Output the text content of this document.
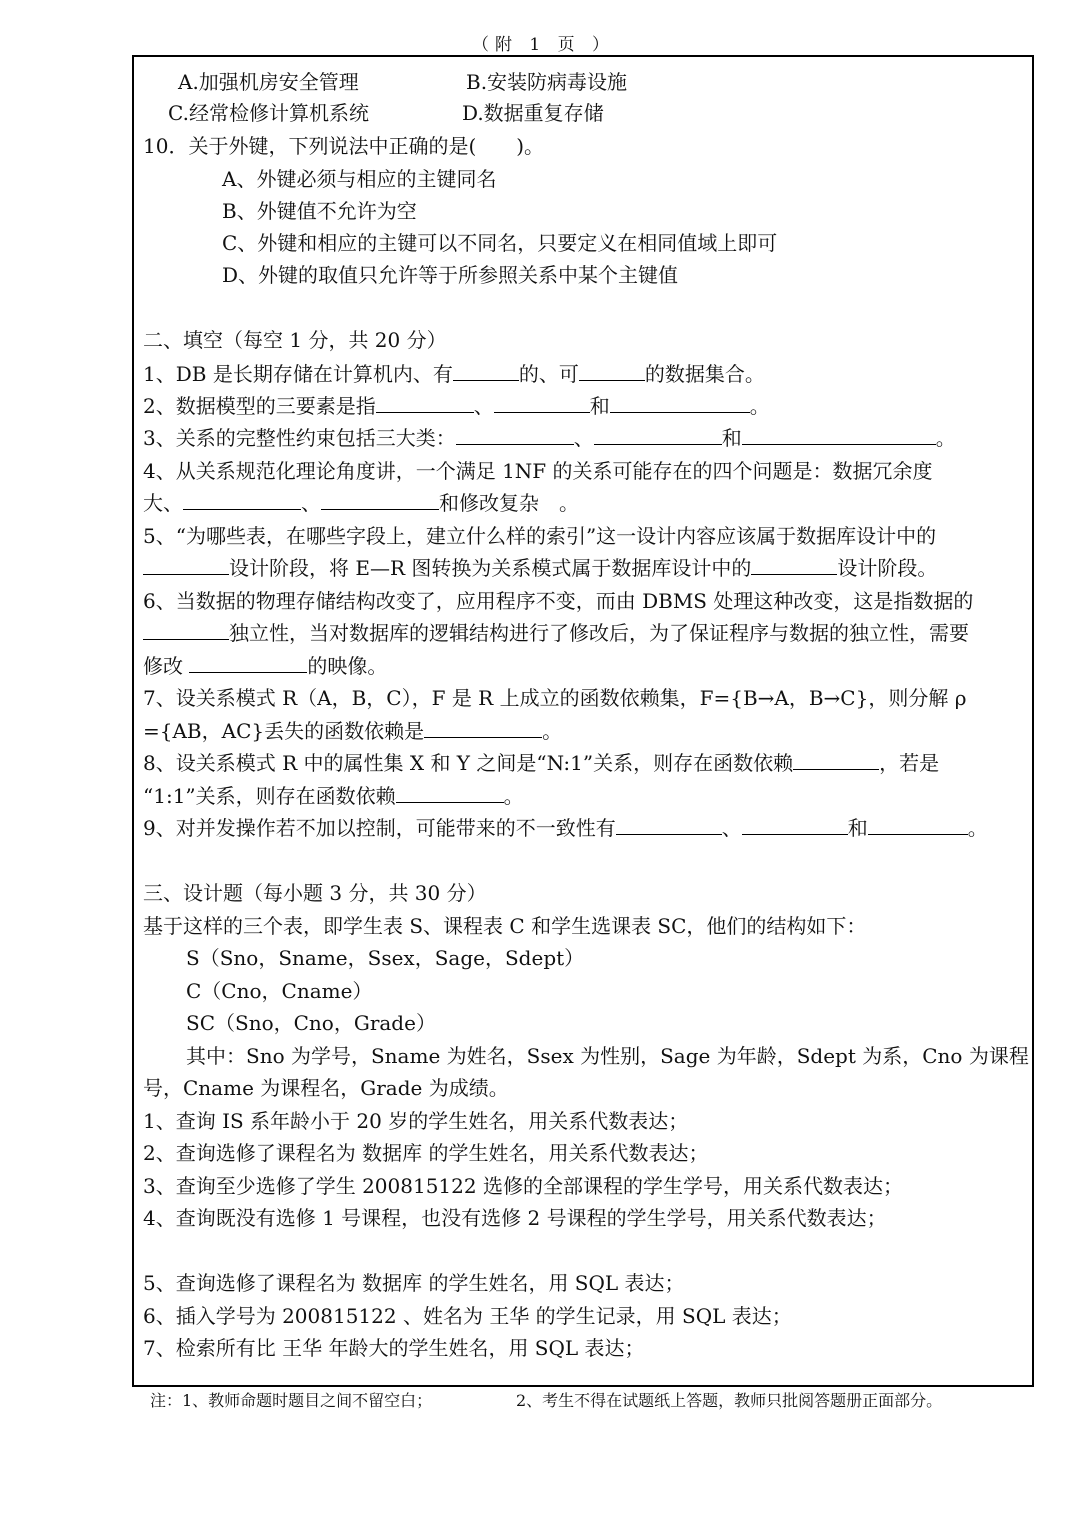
（附 1 页 ）
A.加强机房安全管理	B.安装防病毒设施
C.经常检修计算机系统	D.数据重复存储
10．关于外键，下列说法中正确的是(　　)。
A、外键必须与相应的主键同名
B、外键值不允许为空
C、外键和相应的主键可以不同名，只要定义在相同值域上即可
D、外键的取值只允许等于所参照关系中某个主键值
二、填空（每空 1 分，共 20 分）
1、DB 是长期存储在计算机内、有	的、可	的数据集合。
2、数据模型的三要素是指	、	和	。
3、关系的完整性约束包括三大类：	、	和	。
4、从关系规范化理论角度讲，一个满足 1NF 的关系可能存在的四个问题是：数据冗余度
大、	、	和修改复杂　。
5、“为哪些表，在哪些字段上，建立什么样的索引”这一设计内容应该属于数据库设计中的
设计阶段，将 E—R 图转换为关系模式属于数据库设计中的	设计阶段。
6、当数据的物理存储结构改变了，应用程序不变，而由 DBMS 处理这种改变，这是指数据的
独立性，当对数据库的逻辑结构进行了修改后，为了保证程序与数据的独立性，需要
修改	的映像。
7、设关系模式 R（A，B，C），F 是 R 上成立的函数依赖集，F={B→A，B→C}，则分解 ρ
={AB，AC}丢失的函数依赖是	。
8、设关系模式 R 中的属性集 X 和 Y 之间是“N:1”关系，则存在函数依赖	，若是
“1:1”关系，则存在函数依赖	。
9、对并发操作若不加以控制，可能带来的不一致性有	、	和	。
三、设计题（每小题 3 分，共 30 分）
基于这样的三个表，即学生表 S、课程表 C 和学生选课表 SC，他们的结构如下：
S（Sno，Sname，Ssex，Sage，Sdept）
C（Cno，Cname）
SC（Sno，Cno，Grade）
其中：Sno 为学号，Sname 为姓名，Ssex 为性别，Sage 为年龄，Sdept 为系，Cno 为课程
号，Cname 为课程名，Grade 为成绩。
1、查询 IS 系年龄小于 20 岁的学生姓名，用关系代数表达；
2、查询选修了课程名为 数据库 的学生姓名，用关系代数表达；
3、查询至少选修了学生 200815122 选修的全部课程的学生学号，用关系代数表达；
4、查询既没有选修 1 号课程，也没有选修 2 号课程的学生学号，用关系代数表达；
5、查询选修了课程名为 数据库 的学生姓名，用 SQL 表达；
6、插入学号为 200815122 、姓名为 王华 的学生记录，用 SQL 表达；
7、检索所有比 王华 年龄大的学生姓名，用 SQL 表达；
注：1、教师命题时题目之间不留空白；	2、考生不得在试题纸上答题，教师只批阅答题册正面部分。
